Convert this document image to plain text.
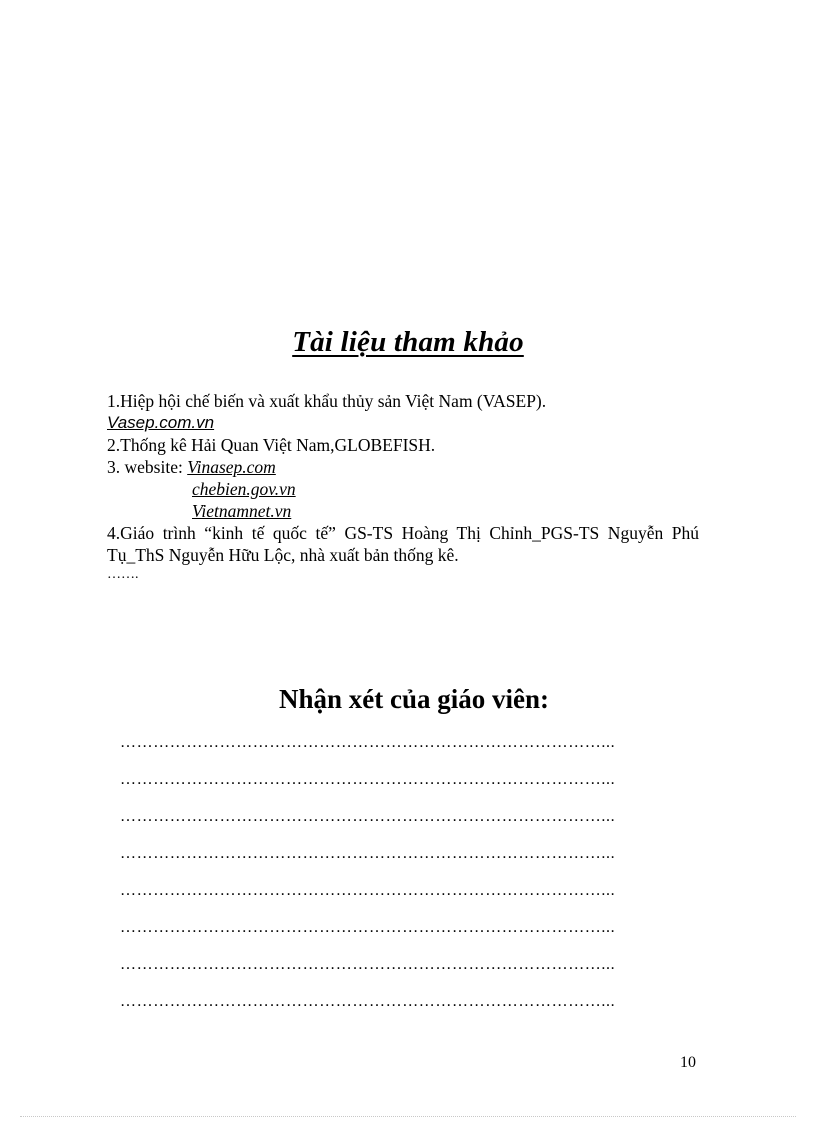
Tài liệu tham khảo
1.Hiệp hội chế biến và xuất khẩu thủy sản Việt Nam (VASEP).
Vasep.com.vn
2.Thống kê Hải Quan Việt Nam,GLOBEFISH.
3. website: Vinasep.com
chebien.gov.vn
Vietnamnet.vn
4.Giáo trình “kinh tế quốc tế” GS-TS Hoàng Thị Chỉnh_PGS-TS Nguyễn Phú Tụ_ThS Nguyễn Hữu Lộc, nhà xuất bản thống kê.
…….
Nhận xét của giáo viên:
……………………………………………………………………………...
……………………………………………………………………………...
……………………………………………………………………………...
……………………………………………………………………………...
……………………………………………………………………………...
……………………………………………………………………………...
……………………………………………………………………………...
……………………………………………………………………………...
10
